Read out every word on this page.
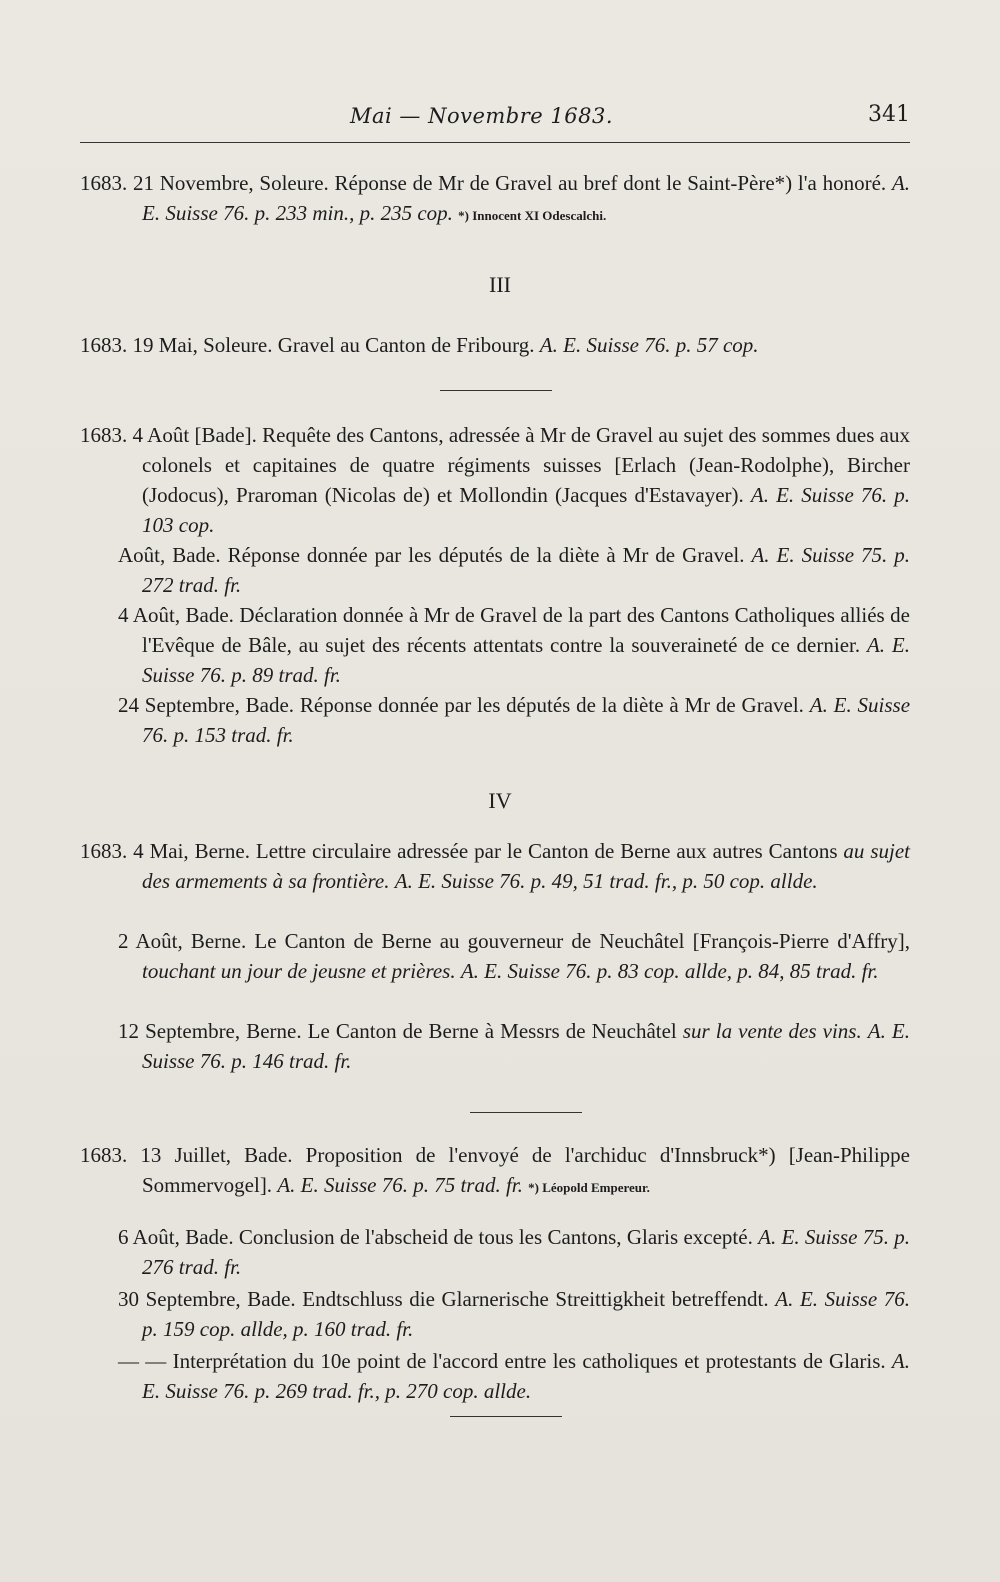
Mai — Novembre 1683.	341
1683. 21 Novembre, Soleure. Réponse de Mr de Gravel au bref dont le Saint-Père*) l'a honoré. A. E. Suisse 76. p. 233 min., p. 235 cop. *) Innocent XI Odescalchi.
III
1683. 19 Mai, Soleure. Gravel au Canton de Fribourg. A. E. Suisse 76. p. 57 cop.
1683. 4 Août [Bade]. Requête des Cantons, adressée à Mr de Gravel au sujet des sommes dues aux colonels et capitaines de quatre régiments suisses [Erlach (Jean-Rodolphe), Bircher (Jodocus), Praroman (Nicolas de) et Mollondin (Jacques d'Estavayer). A. E. Suisse 76. p. 103 cop.
Août, Bade. Réponse donnée par les députés de la diète à Mr de Gravel. A. E. Suisse 75. p. 272 trad. fr.
4 Août, Bade. Déclaration donnée à Mr de Gravel de la part des Cantons Catholiques alliés de l'Evêque de Bâle, au sujet des récents attentats contre la souveraineté de ce dernier. A. E. Suisse 76. p. 89 trad. fr.
24 Septembre, Bade. Réponse donnée par les députés de la diète à Mr de Gravel. A. E. Suisse 76. p. 153 trad. fr.
IV
1683. 4 Mai, Berne. Lettre circulaire adressée par le Canton de Berne aux autres Cantons au sujet des armements à sa frontière. A. E. Suisse 76. p. 49, 51 trad. fr., p. 50 cop. allde.
2 Août, Berne. Le Canton de Berne au gouverneur de Neuchâtel [François-Pierre d'Affry], touchant un jour de jeusne et prières. A. E. Suisse 76. p. 83 cop. allde, p. 84, 85 trad. fr.
12 Septembre, Berne. Le Canton de Berne à Messrs de Neuchâtel sur la vente des vins. A. E. Suisse 76. p. 146 trad. fr.
1683. 13 Juillet, Bade. Proposition de l'envoyé de l'archiduc d'Innsbruck*) [Jean-Philippe Sommervogel]. A. E. Suisse 76. p. 75 trad. fr. *) Léopold Empereur.
6 Août, Bade. Conclusion de l'abscheid de tous les Cantons, Glaris excepté. A. E. Suisse 75. p. 276 trad. fr.
30 Septembre, Bade. Endtschluss die Glarnerische Streittigkheit betreffendt. A. E. Suisse 76. p. 159 cop. allde, p. 160 trad. fr.
— — Interprétation du 10e point de l'accord entre les catholiques et protestants de Glaris. A. E. Suisse 76. p. 269 trad. fr., p. 270 cop. allde.
